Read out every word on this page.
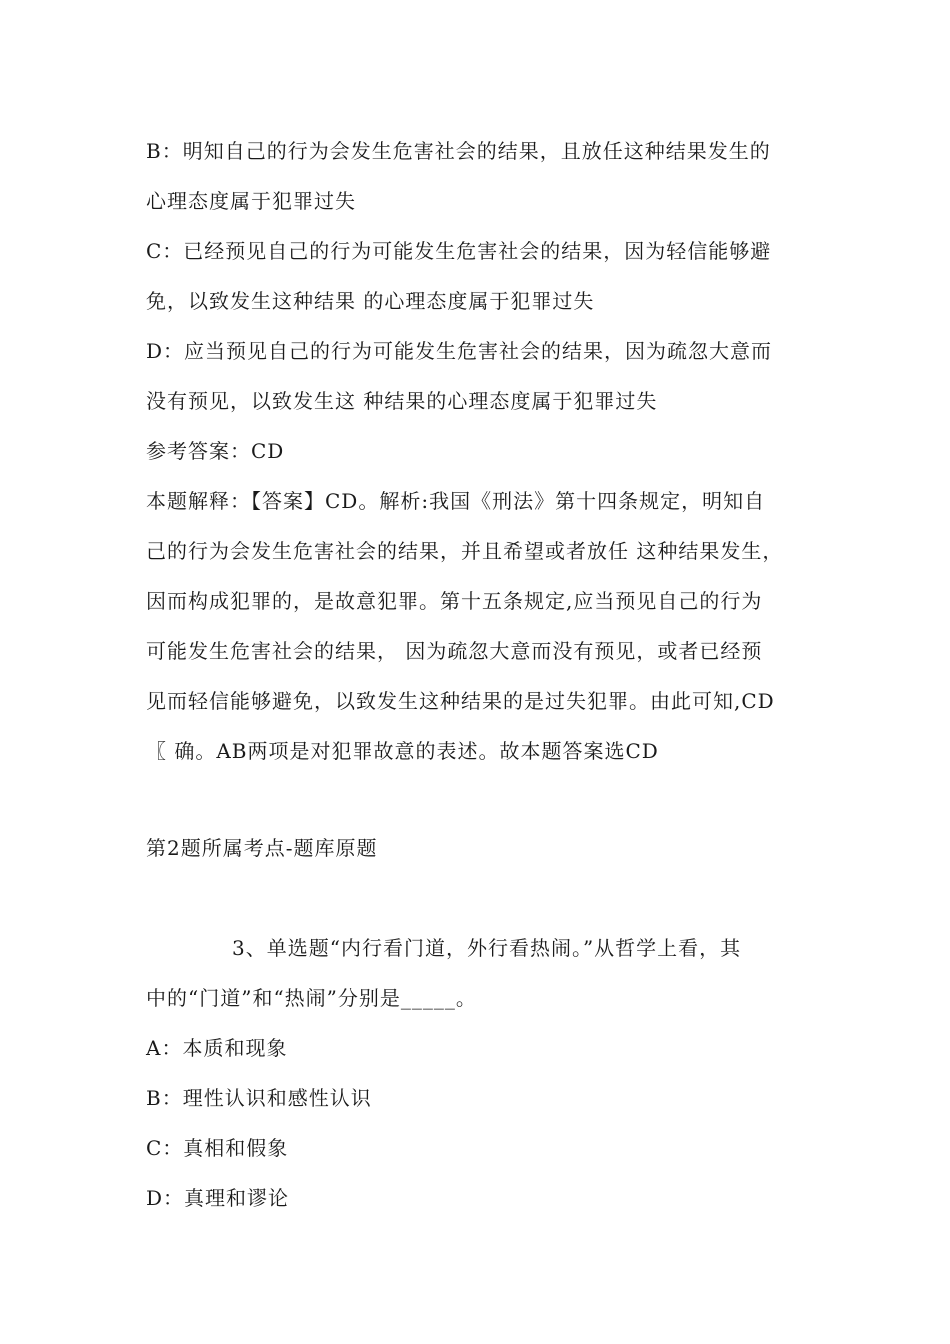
B：明知自己的行为会发生危害社会的结果，且放任这种结果发生的
心理态度属于犯罪过失
C：已经预见自己的行为可能发生危害社会的结果，因为轻信能够避
免，以致发生这种结果 的心理态度属于犯罪过失
D：应当预见自己的行为可能发生危害社会的结果，因为疏忽大意而
没有预见，以致发生这 种结果的心理态度属于犯罪过失
参考答案：CD
本题解释：【答案】CD。解析:我国《刑法》第十四条规定，明知自
己的行为会发生危害社会的结果，并且希望或者放任 这种结果发生，
因而构成犯罪的，是故意犯罪。第十五条规定,应当预见自己的行为
可能发生危害社会的结果， 因为疏忽大意而没有预见，或者已经预
见而轻信能够避免，以致发生这种结果的是过失犯罪。由此可知,CD
〖 确。AB两项是对犯罪故意的表述。故本题答案选CD
第2题所属考点-题库原题
3、单选题“内行看门道，外行看热闹。”从哲学上看，其
中的“门道”和“热闹”分别是_____。
A：本质和现象
B：理性认识和感性认识
C：真相和假象
D：真理和谬论
